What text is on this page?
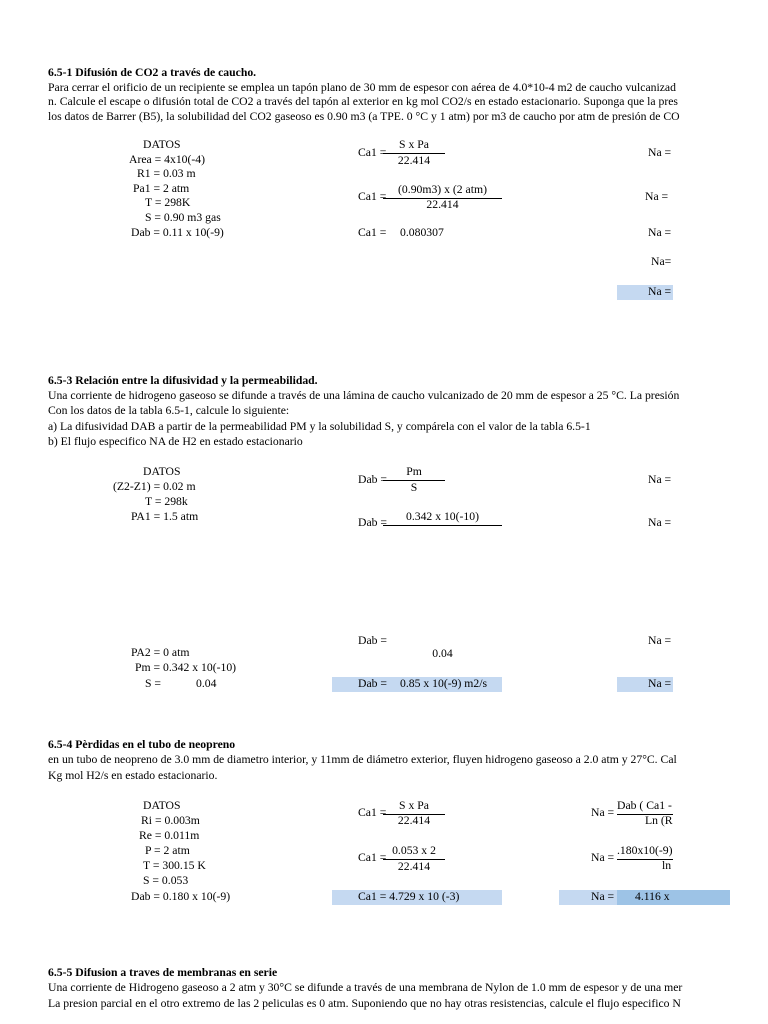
6.5-1 Difusión de CO2 a través de caucho.
Para cerrar el orificio de un recipiente se emplea un tapón plano de 30 mm de espesor con aérea de 4.0*10-4 m2 de caucho vulcanizad
n. Calcule el escape o difusión total de CO2 a través del tapón al exterior en kg mol CO2/s en estado estacionario. Suponga que la pres
los datos de Barrer (B5), la solubilidad del CO2 gaseoso es 0.90 m3 (a TPE. 0 °C y 1 atm) por m3 de caucho por atm de presión de CO
DATOS
Area = 4x10(-4)
R1 = 0.03 m
Pa1 = 2 atm
T = 298K
S = 0.90 m3 gas
Dab = 0.11 x 10(-9)
Ca1 =
S x Pa
22.414
Ca1 =
(0.90m3) x (2 atm)
22.414
Ca1 = 0.080307
Na =
Na =
Na =
Na=
Na =
6.5-3 Relación entre la difusividad y la permeabilidad.
Una corriente de hidrogeno gaseoso se difunde a través de una lámina de caucho vulcanizado de 20 mm de espesor a 25 °C. La presión
Con los datos de la tabla 6.5-1, calcule lo siguiente:
a) La difusividad DAB a partir de la permeabilidad PM y la solubilidad S, y compárela con el valor de la tabla 6.5-1
b) El flujo especifico NA de H2 en estado estacionario
DATOS
(Z2-Z1) = 0.02 m
T = 298k
PA1 = 1.5 atm
PA2 = 0 atm
Pm = 0.342 x 10(-10)
S =	0.04
Dab =
Pm
S
Dab =	0.342 x 10(-10)
Dab =
0.04
Dab = 0.85 x 10(-9) m2/s
Na =
Na =
Na =
Na =
6.5-4 Pèrdidas en el tubo de neopreno
en un tubo de neopreno de 3.0 mm de diametro interior, y 11mm de diámetro exterior, fluyen hidrogeno gaseoso a 2.0 atm y 27°C. Cal
Kg mol H2/s en estado estacionario.
DATOS
Ri = 0.003m
Re = 0.011m
P = 2 atm
T = 300.15 K
S = 0.053
Dab = 0.180 x 10(-9)
Ca1 =
S x Pa
22.414
Ca1 =
0.053 x 2
22.414
Ca1 = 4.729 x 10 (-3)
Na =
Dab ( Ca1 -
Ln (R
Na =
.180x10(-9)
ln
Na = 4.116 x
6.5-5 Difusion a traves de membranas en serie
Una corriente de Hidrogeno gaseoso a 2 atm y 30°C se difunde a través de una membrana de Nylon de 1.0 mm de espesor y de una mer
La presion parcial en el otro extremo de las 2 peliculas es 0 atm. Suponiendo que no hay otras resistencias, calcule el flujo especifico N
